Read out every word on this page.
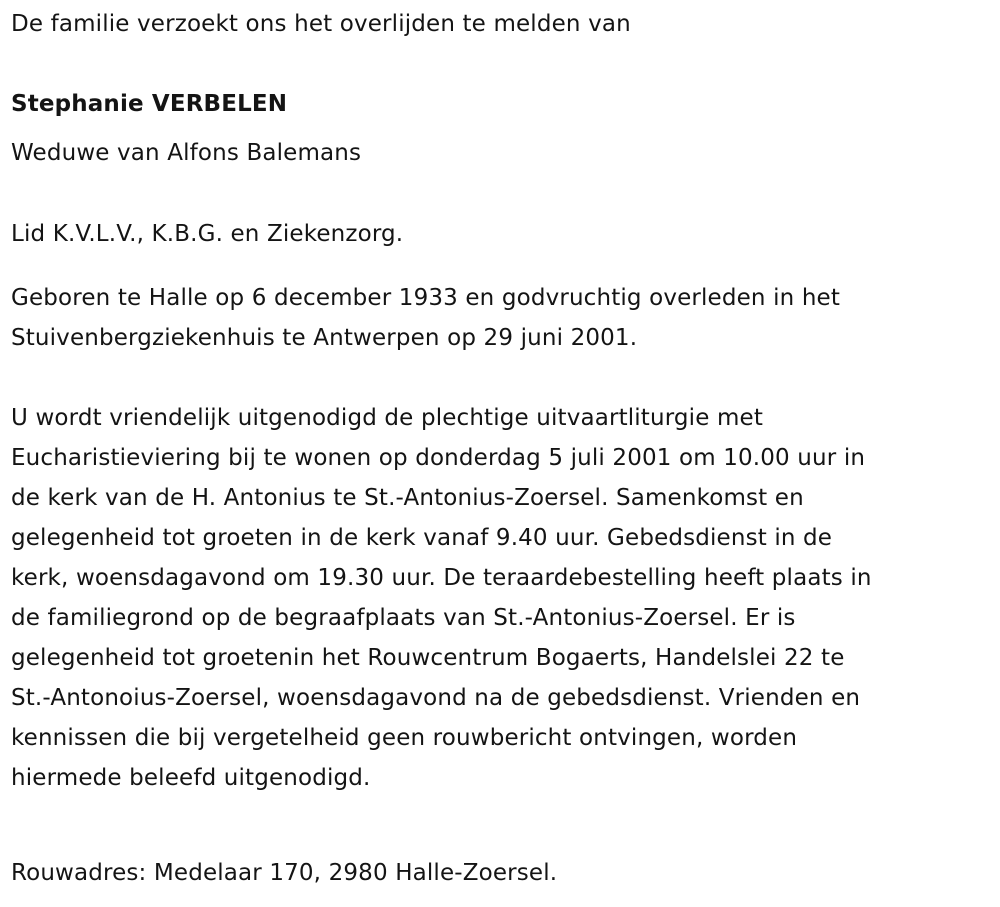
De familie verzoekt ons het overlijden te melden van
Stephanie VERBELEN
Weduwe van Alfons Balemans
Lid K.V.L.V., K.B.G. en Ziekenzorg.
Geboren te Halle op 6 december 1933 en godvruchtig overleden in het
Stuivenbergziekenhuis te Antwerpen op 29 juni 2001.
U wordt vriendelijk uitgenodigd de plechtige uitvaartliturgie met
Eucharistieviering bij te wonen op donderdag 5 juli 2001 om 10.00 uur in
de kerk van de H. Antonius te St.-Antonius-Zoersel. Samenkomst en
gelegenheid tot groeten in de kerk vanaf 9.40 uur. Gebedsdienst in de
kerk, woensdagavond om 19.30 uur. De teraardebestelling heeft plaats in
de familiegrond op de begraafplaats van St.-Antonius-Zoersel. Er is
gelegenheid tot groetenin het Rouwcentrum Bogaerts, Handelslei 22 te
St.-Antonoius-Zoersel, woensdagavond na de gebedsdienst. Vrienden en
kennissen die bij vergetelheid geen rouwbericht ontvingen, worden
hiermede beleefd uitgenodigd.
Rouwadres: Medelaar 170, 2980 Halle-Zoersel.
